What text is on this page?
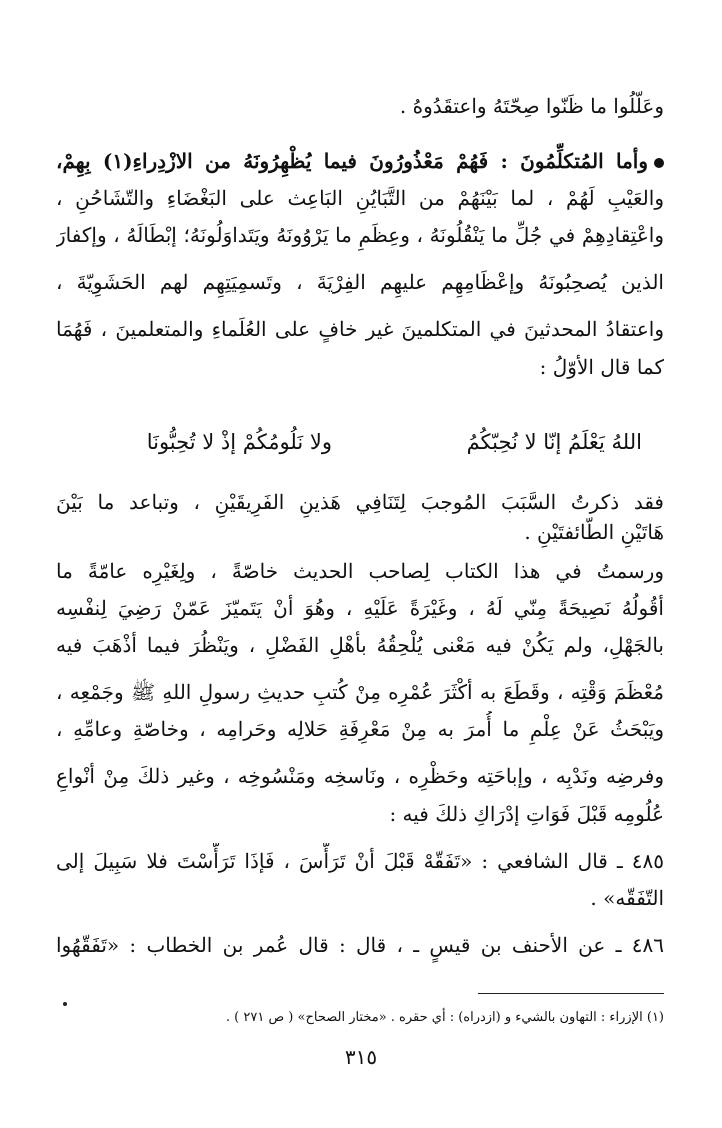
وعَلّلُوا ما ظَنّوا صِحّتَهُ واعتقَدُوهُ .
وأما المُتكلِّمُونَ : فَهُمْ مَعْذُورُونَ فيما يُظْهِرُونَهُ من الازْدِراءِ(١) بِهِمْ،
والعَيْبِ لَهُمْ ، لما بَيْنَهُمْ من التَّبَايُنِ البَاعِث على البَغْضَاءِ والتّشَاحُنِ ،
واعْتِقادِهِمْ في جُلِّ ما يَنْقُلُونَهُ ، وعِظَمِ ما يَرْوُونَهُ ويَتَداوَلُونَهُ؛ إبْطَالَهُ ، وإكفارَ
الذين يُصحِبُونَهُ وإعْظَامِهِم عليهِم الفِرْيَةَ ، وتَسمِيَتِهِم لهم الحَشَوِيّةَ ،
واعتقادُ المحدثينَ في المتكلمينَ غير خافٍ على العُلَماءِ والمتعلمينَ ، فَهُمَا
كما قال الأوّلُ :
اللهُ يَعْلَمُ إنّا لا نُحِبّكُمُ
ولا نَلُومُكُمْ إذْ لا تُحِبُّونَا
فقد ذكرتُ السَّبَبَ المُوجبَ لِتَنَافِي هَذينِ الفَرِيقَيْنِ ، وتباعد ما بَيْنَ
هَاتَيْنِ الطّائفتَيْنِ .
ورسمتُ في هذا الكتاب لِصاحب الحديث خاصّةً ، ولِغَيْرِه عامّةً ما
أقُولُهُ نَصِيحَةً مِنّي لَهُ ، وغَيْرَةً عَلَيْهِ ، وهُوَ أنْ يَتَميّزَ عَمّنْ رَضِيَ لِنفْسِه
بالجَهْلِ، ولم يَكُنْ فيه مَعْنى يُلْحِقُهُ بأهْلِ الفَضْلِ ، ويَنْظُرَ فيما أذْهَبَ فيه
مُعْظَمَ وَقْتِه ، وقَطَعَ به أكْثَرَ عُمْرِه مِنْ كُتبِ حديثِ رسولِ اللهِ ﷺ وجَمْعِه ،
ويَبْحَثُ عَنْ عِلْمِ ما أُمرَ به مِنْ مَعْرِفَةِ حَلالِه وحَرامِه ، وخاصّةِ وعامِّهِ ،
وفرضِه ونَدْبِه ، وإباحَتِه وحَظْرِه ، ونَاسخِه ومَنْسُوخِه ، وغير ذلكَ مِنْ أنْواعِ
عُلُومِه قَبْلَ فَوَاتِ إدْرَاكِ ذلكَ فيه :
٤٨٥ ـ قال الشافعي : «تَفَقّهْ قَبْلَ أنْ تَرَأّسَ ، فَإذَا تَرَأّسْتَ فلا سَبِيلَ إلى
التّفَقّه» .
٤٨٦ ـ عن الأحنف بن قيسٍ ـ ، قال : قال عُمر بن الخطاب : «تَفَقّهُوا
(١) الإزراء : التهاون بالشيء و (ازدراه) : أي حقره . «مختار الصحاح» ( ص ٢٧١ ) .
٣١٥
